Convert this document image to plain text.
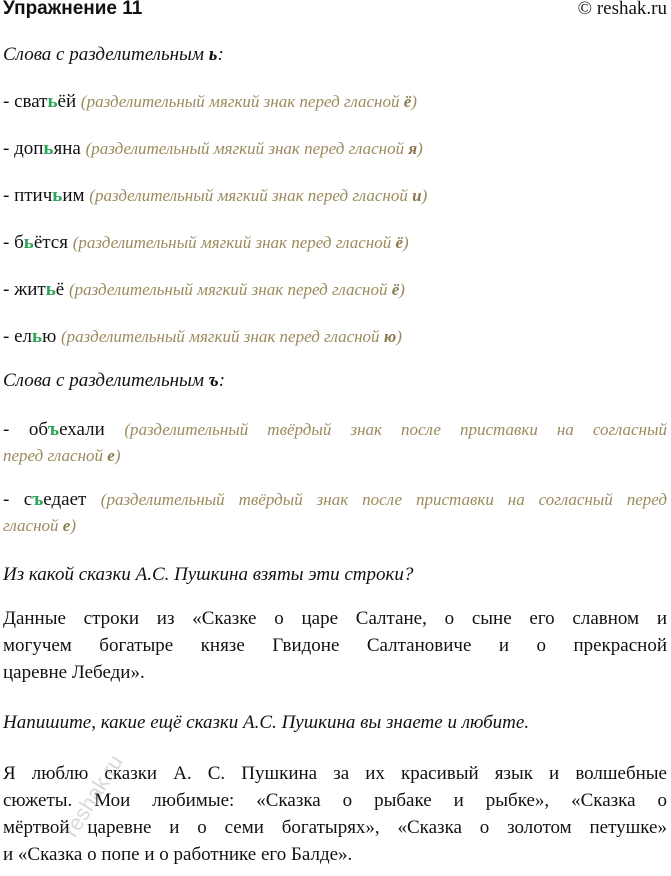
Упражнение 11	© reshak.ru
Слова с разделительным ь:
- сватьёй (разделительный мягкий знак перед гласной ё)
- допьяна (разделительный мягкий знак перед гласной я)
- птичьим (разделительный мягкий знак перед гласной и)
- бьётся (разделительный мягкий знак перед гласной ё)
- житьё (разделительный мягкий знак перед гласной ё)
- елью (разделительный мягкий знак перед гласной ю)
Слова с разделительным ъ:
- объехали (разделительный твёрдый знак после приставки на согласный
перед гласной е)
- съедает (разделительный твёрдый знак после приставки на согласный перед
гласной е)
Из какой сказки А.С. Пушкина взяты эти строки?
Данные строки из «Сказке о царе Салтане, о сыне его славном и
могучем богатыре князе Гвидоне Салтановиче и о прекрасной
царевне Лебеди».
Напишите, какие ещё сказки А.С. Пушкина вы знаете и любите.
Я люблю сказки А. С. Пушкина за их красивый язык и волшебные
сюжеты. Мои любимые: «Сказка о рыбаке и рыбке», «Сказка о
мёртвой царевне и о семи богатырях», «Сказка о золотом петушке»
и «Сказка о попе и о работнике его Балде».
reshak.ru
